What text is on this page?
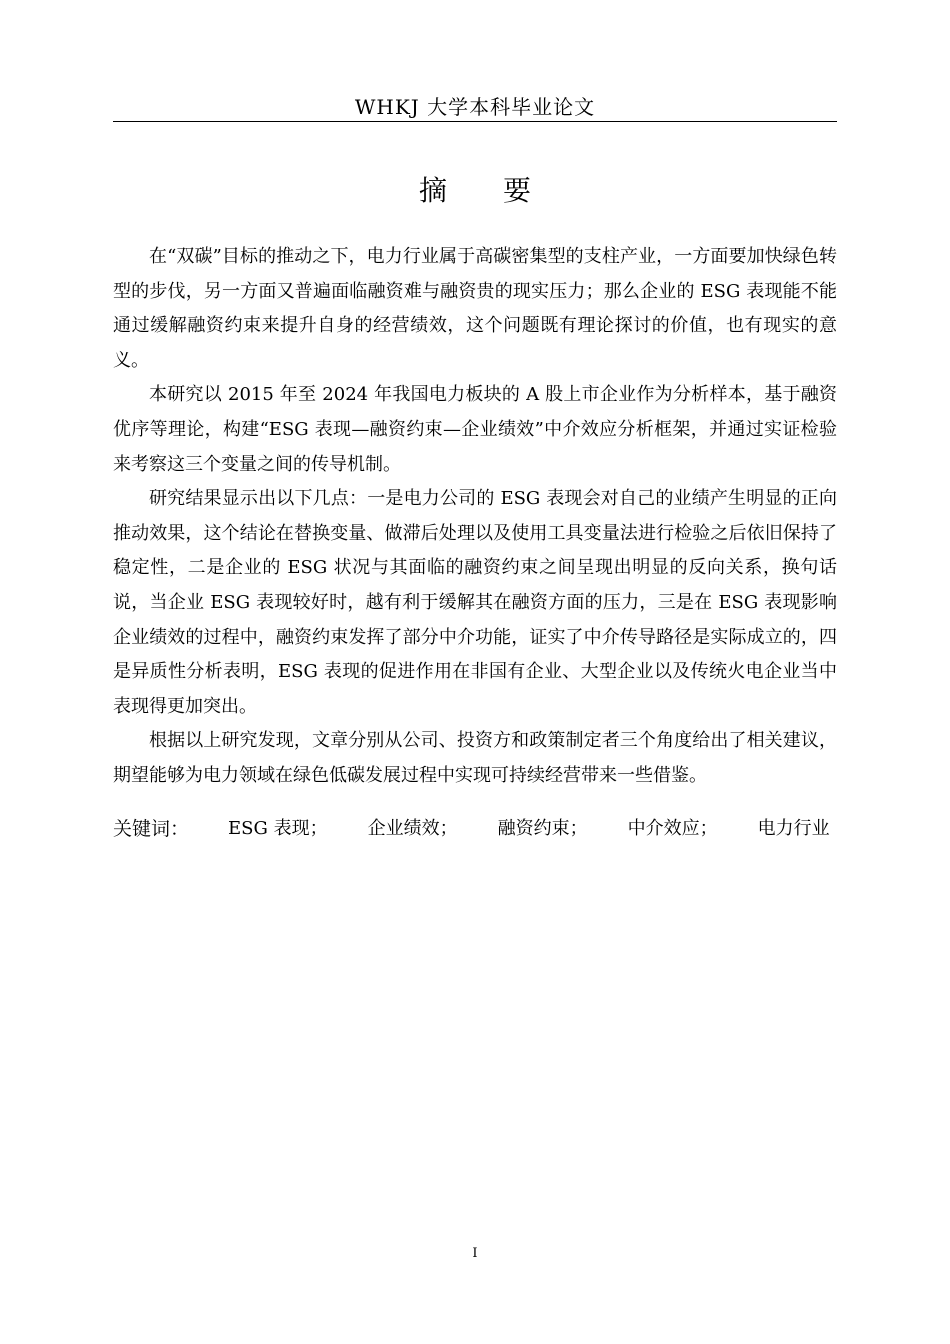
WHKJ 大学本科毕业论文
摘要

在“双碳”目标的推动之下，电力行业属于高碳密集型的支柱产业，一方面要加快绿色转型的步伐，另一方面又普遍面临融资难与融资贵的现实压力；那么企业的 ESG 表现能不能通过缓解融资约束来提升自身的经营绩效，这个问题既有理论探讨的价值，也有现实的意义。

本研究以 2015 年至 2024 年我国电力板块的 A 股上市企业作为分析样本，基于融资优序等理论，构建“ESG 表现—融资约束—企业绩效”中介效应分析框架，并通过实证检验来考察这三个变量之间的传导机制。

研究结果显示出以下几点：一是电力公司的 ESG 表现会对自己的业绩产生明显的正向推动效果，这个结论在替换变量、做滞后处理以及使用工具变量法进行检验之后依旧保持了稳定性，二是企业的 ESG 状况与其面临的融资约束之间呈现出明显的反向关系，换句话说，当企业 ESG 表现较好时，越有利于缓解其在融资方面的压力，三是在 ESG 表现影响企业绩效的过程中，融资约束发挥了部分中介功能，证实了中介传导路径是实际成立的，四是异质性分析表明，ESG 表现的促进作用在非国有企业、大型企业以及传统火电企业当中表现得更加突出。

根据以上研究发现，文章分别从公司、投资方和政策制定者三个角度给出了相关建议，期望能够为电力领域在绿色低碳发展过程中实现可持续经营带来一些借鉴。

关键词：	ESG 表现； 企业绩效； 融资约束； 中介效应； 电力行业
I
